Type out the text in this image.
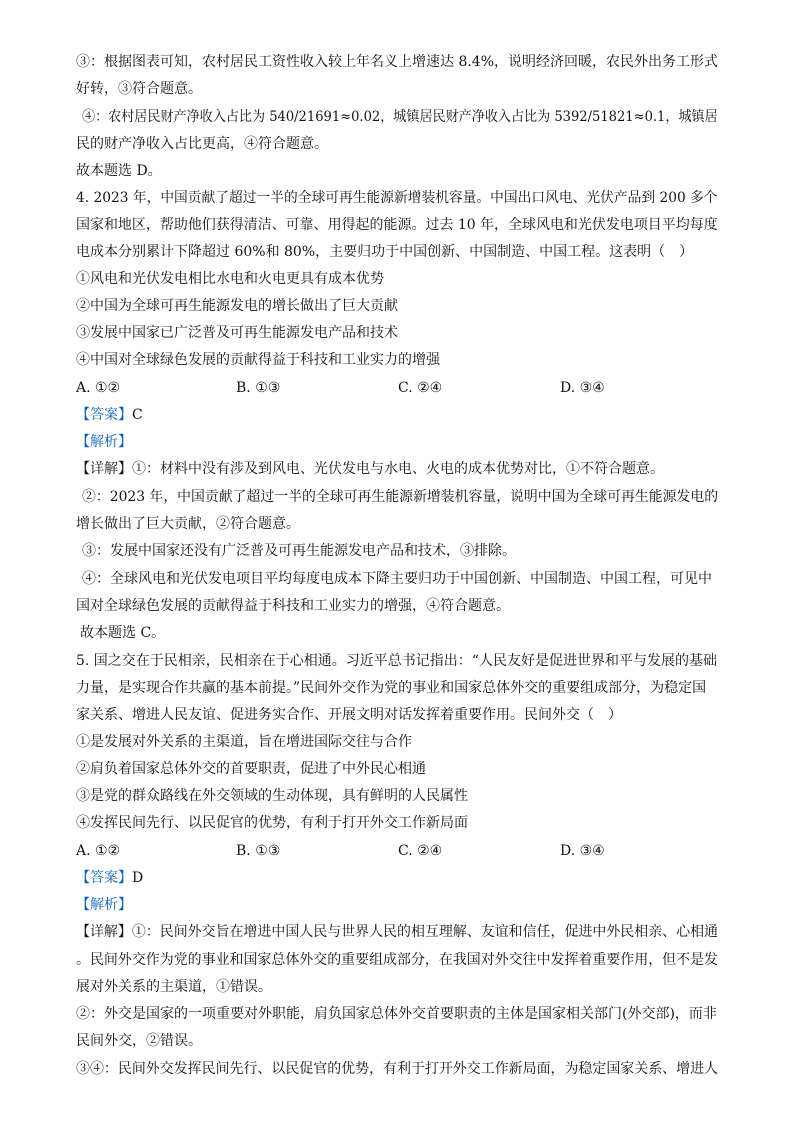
③：根据图表可知，农村居民工资性收入较上年名义上增速达 8.4%，说明经济回暖，农民外出务工形式
好转，③符合题意。
④：农村居民财产净收入占比为 540/21691≈0.02，城镇居民财产净收入占比为 5392/51821≈0.1，城镇居
民的财产净收入占比更高，④符合题意。
故本题选 D。
4. 2023 年，中国贡献了超过一半的全球可再生能源新增装机容量。中国出口风电、光伏产品到 200 多个
国家和地区，帮助他们获得清洁、可靠、用得起的能源。过去 10 年，全球风电和光伏发电项目平均每度
电成本分别累计下降超过 60%和 80%，主要归功于中国创新、中国制造、中国工程。这表明（　）
①风电和光伏发电相比水电和火电更具有成本优势
②中国为全球可再生能源发电的增长做出了巨大贡献
③发展中国家已广泛普及可再生能源发电产品和技术
④中国对全球绿色发展的贡献得益于科技和工业实力的增强
A. ①②	B. ①③	C. ②④	D. ③④
【答案】C
【解析】
【详解】①：材料中没有涉及到风电、光伏发电与水电、火电的成本优势对比，①不符合题意。
②：2023 年，中国贡献了超过一半的全球可再生能源新增装机容量，说明中国为全球可再生能源发电的
增长做出了巨大贡献，②符合题意。
③：发展中国家还没有广泛普及可再生能源发电产品和技术，③排除。
④：全球风电和光伏发电项目平均每度电成本下降主要归功于中国创新、中国制造、中国工程，可见中
国对全球绿色发展的贡献得益于科技和工业实力的增强，④符合题意。
故本题选 C。
5. 国之交在于民相亲，民相亲在于心相通。习近平总书记指出：“人民友好是促进世界和平与发展的基础
力量，是实现合作共赢的基本前提。”民间外交作为党的事业和国家总体外交的重要组成部分，为稳定国
家关系、增进人民友谊、促进务实合作、开展文明对话发挥着重要作用。民间外交（　）
①是发展对外关系的主渠道，旨在增进国际交往与合作
②肩负着国家总体外交的首要职责，促进了中外民心相通
③是党的群众路线在外交领域的生动体现，具有鲜明的人民属性
④发挥民间先行、以民促官的优势，有利于打开外交工作新局面
A. ①②	B. ①③	C. ②④	D. ③④
【答案】D
【解析】
【详解】①：民间外交旨在增进中国人民与世界人民的相互理解、友谊和信任，促进中外民相亲、心相通
。民间外交作为党的事业和国家总体外交的重要组成部分，在我国对外交往中发挥着重要作用，但不是发
展对外关系的主渠道，①错误。
②：外交是国家的一项重要对外职能，肩负国家总体外交首要职责的主体是国家相关部门(外交部)，而非
民间外交，②错误。
③④：民间外交发挥民间先行、以民促官的优势，有利于打开外交工作新局面，为稳定国家关系、增进人
